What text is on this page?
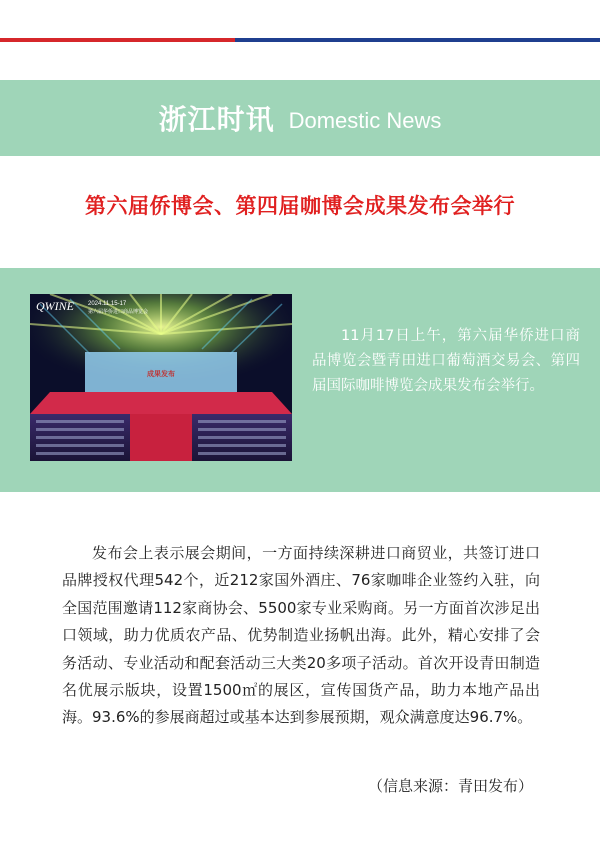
浙江时讯 Domestic News
第六届侨博会、第四届咖博会成果发布会举行
QWINE 2024.11.15-17
第六届华侨进口商品博览会
成果发布
11月17日上午，第六届华侨进口商品博览会暨青田进口葡萄酒交易会、第四届国际咖啡博览会成果发布会举行。

发布会上表示展会期间，一方面持续深耕进口商贸业，共签订进口品牌授权代理542个，近212家国外酒庄、76家咖啡企业签约入驻，向全国范围邀请112家商协会、5500家专业采购商。另一方面首次涉足出口领域，助力优质农产品、优势制造业扬帆出海。此外，精心安排了会务活动、专业活动和配套活动三大类20多项子活动。首次开设青田制造名优展示版块，设置1500㎡的展区，宣传国货产品，助力本地产品出海。93.6%的参展商超过或基本达到参展预期，观众满意度达96.7%。

（信息来源：青田发布）
